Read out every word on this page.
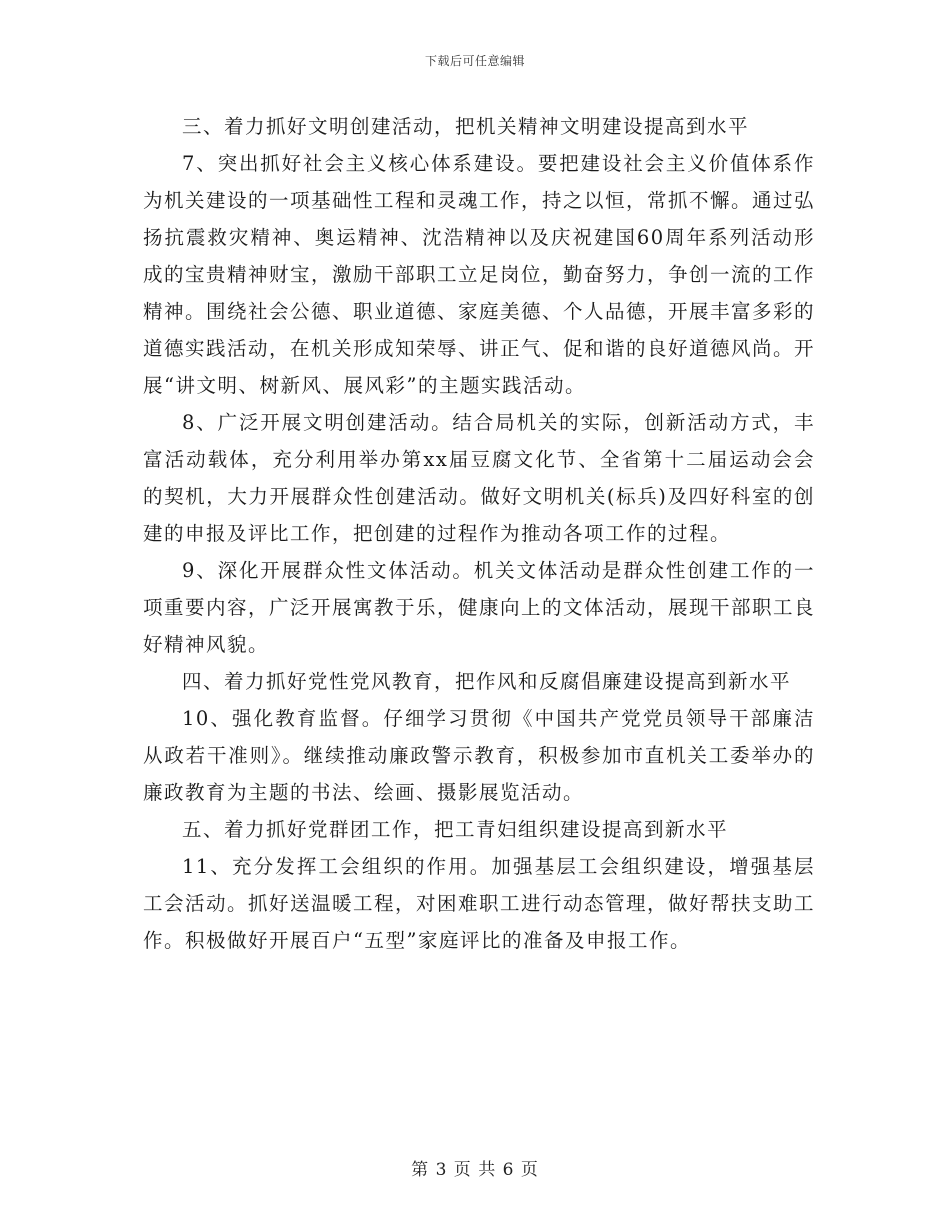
下载后可任意编辑

三、着力抓好文明创建活动，把机关精神文明建设提高到水平

7、突出抓好社会主义核心体系建设。要把建设社会主义价值体系作为机关建设的一项基础性工程和灵魂工作，持之以恒，常抓不懈。通过弘扬抗震救灾精神、奥运精神、沈浩精神以及庆祝建国60周年系列活动形成的宝贵精神财宝，激励干部职工立足岗位，勤奋努力，争创一流的工作精神。围绕社会公德、职业道德、家庭美德、个人品德，开展丰富多彩的道德实践活动，在机关形成知荣辱、讲正气、促和谐的良好道德风尚。开展“讲文明、树新风、展风彩”的主题实践活动。

8、广泛开展文明创建活动。结合局机关的实际，创新活动方式，丰富活动载体，充分利用举办第xx届豆腐文化节、全省第十二届运动会会的契机，大力开展群众性创建活动。做好文明机关(标兵)及四好科室的创建的申报及评比工作，把创建的过程作为推动各项工作的过程。

9、深化开展群众性文体活动。机关文体活动是群众性创建工作的一项重要内容，广泛开展寓教于乐，健康向上的文体活动，展现干部职工良好精神风貌。

四、着力抓好党性党风教育，把作风和反腐倡廉建设提高到新水平

10、强化教育监督。仔细学习贯彻《中国共产党党员领导干部廉洁从政若干准则》。继续推动廉政警示教育，积极参加市直机关工委举办的廉政教育为主题的书法、绘画、摄影展览活动。

五、着力抓好党群团工作，把工青妇组织建设提高到新水平

11、充分发挥工会组织的作用。加强基层工会组织建设，增强基层工会活动。抓好送温暖工程，对困难职工进行动态管理，做好帮扶支助工作。积极做好开展百户“五型”家庭评比的准备及申报工作。

第 3 页 共 6 页
